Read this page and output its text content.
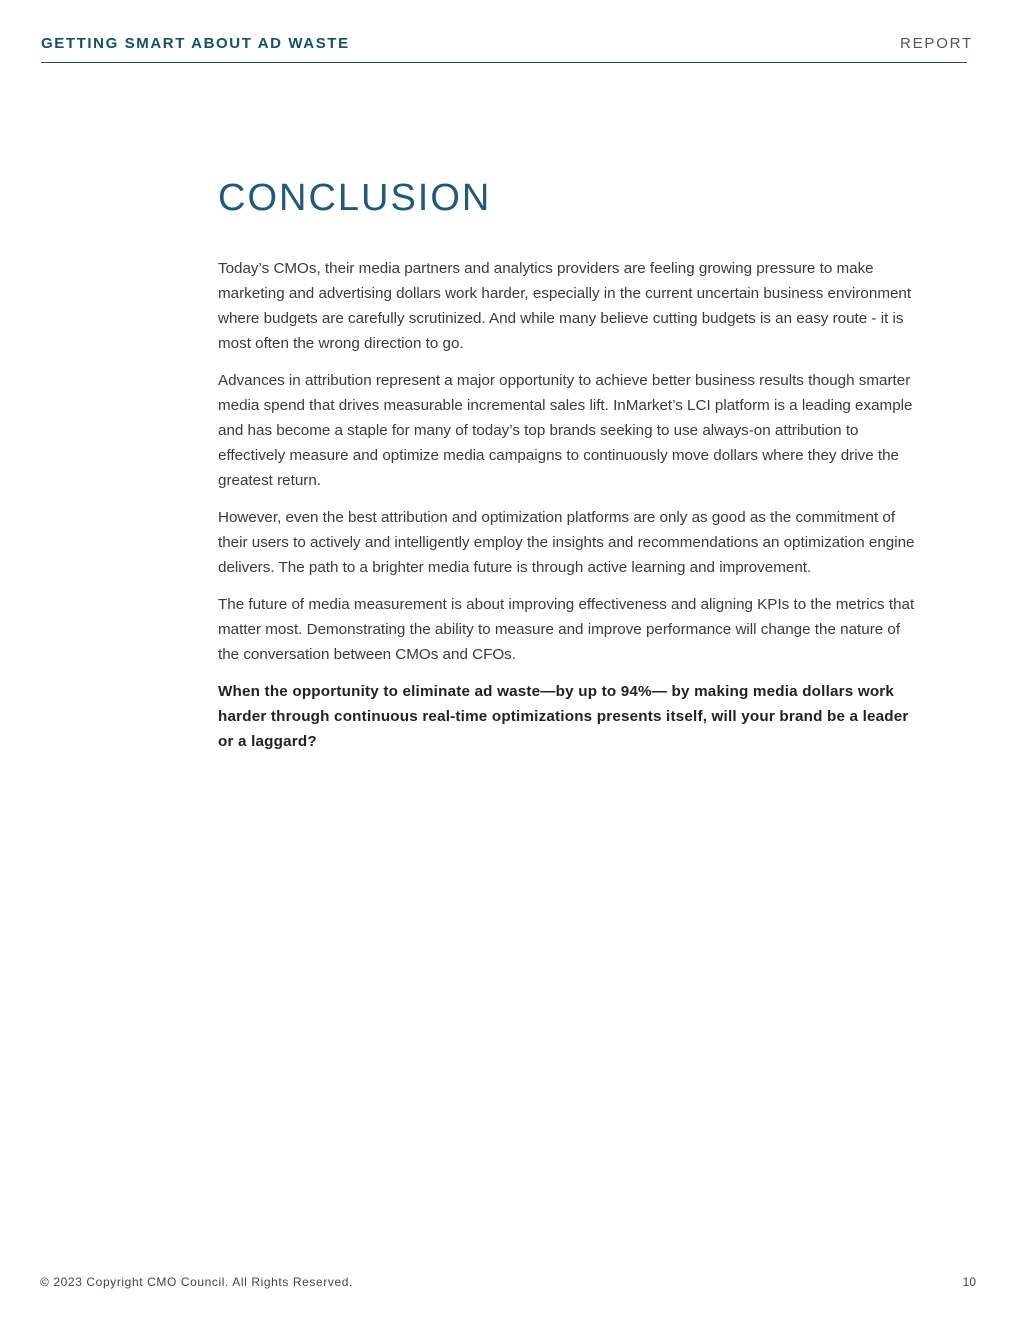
GETTING SMART ABOUT AD WASTE	REPORT
CONCLUSION

Today’s CMOs, their media partners and analytics providers are feeling growing pressure to make marketing and advertising dollars work harder, especially in the current uncertain business environment where budgets are carefully scrutinized. And while many believe cutting budgets is an easy route - it is most often the wrong direction to go.

Advances in attribution represent a major opportunity to achieve better business results though smarter media spend that drives measurable incremental sales lift. InMarket’s LCI platform is a leading example and has become a staple for many of today’s top brands seeking to use always-on attribution to effectively measure and optimize media campaigns to continuously move dollars where they drive the greatest return.

However, even the best attribution and optimization platforms are only as good as the commitment of their users to actively and intelligently employ the insights and recommendations an optimization engine delivers. The path to a brighter media future is through active learning and improvement.

The future of media measurement is about improving effectiveness and aligning KPIs to the metrics that matter most. Demonstrating the ability to measure and improve performance will change the nature of the conversation between CMOs and CFOs.

When the opportunity to eliminate ad waste—by up to 94%— by making media dollars work harder through continuous real-time optimizations presents itself, will your brand be a leader or a laggard?

© 2023 Copyright CMO Council. All Rights Reserved.	10
